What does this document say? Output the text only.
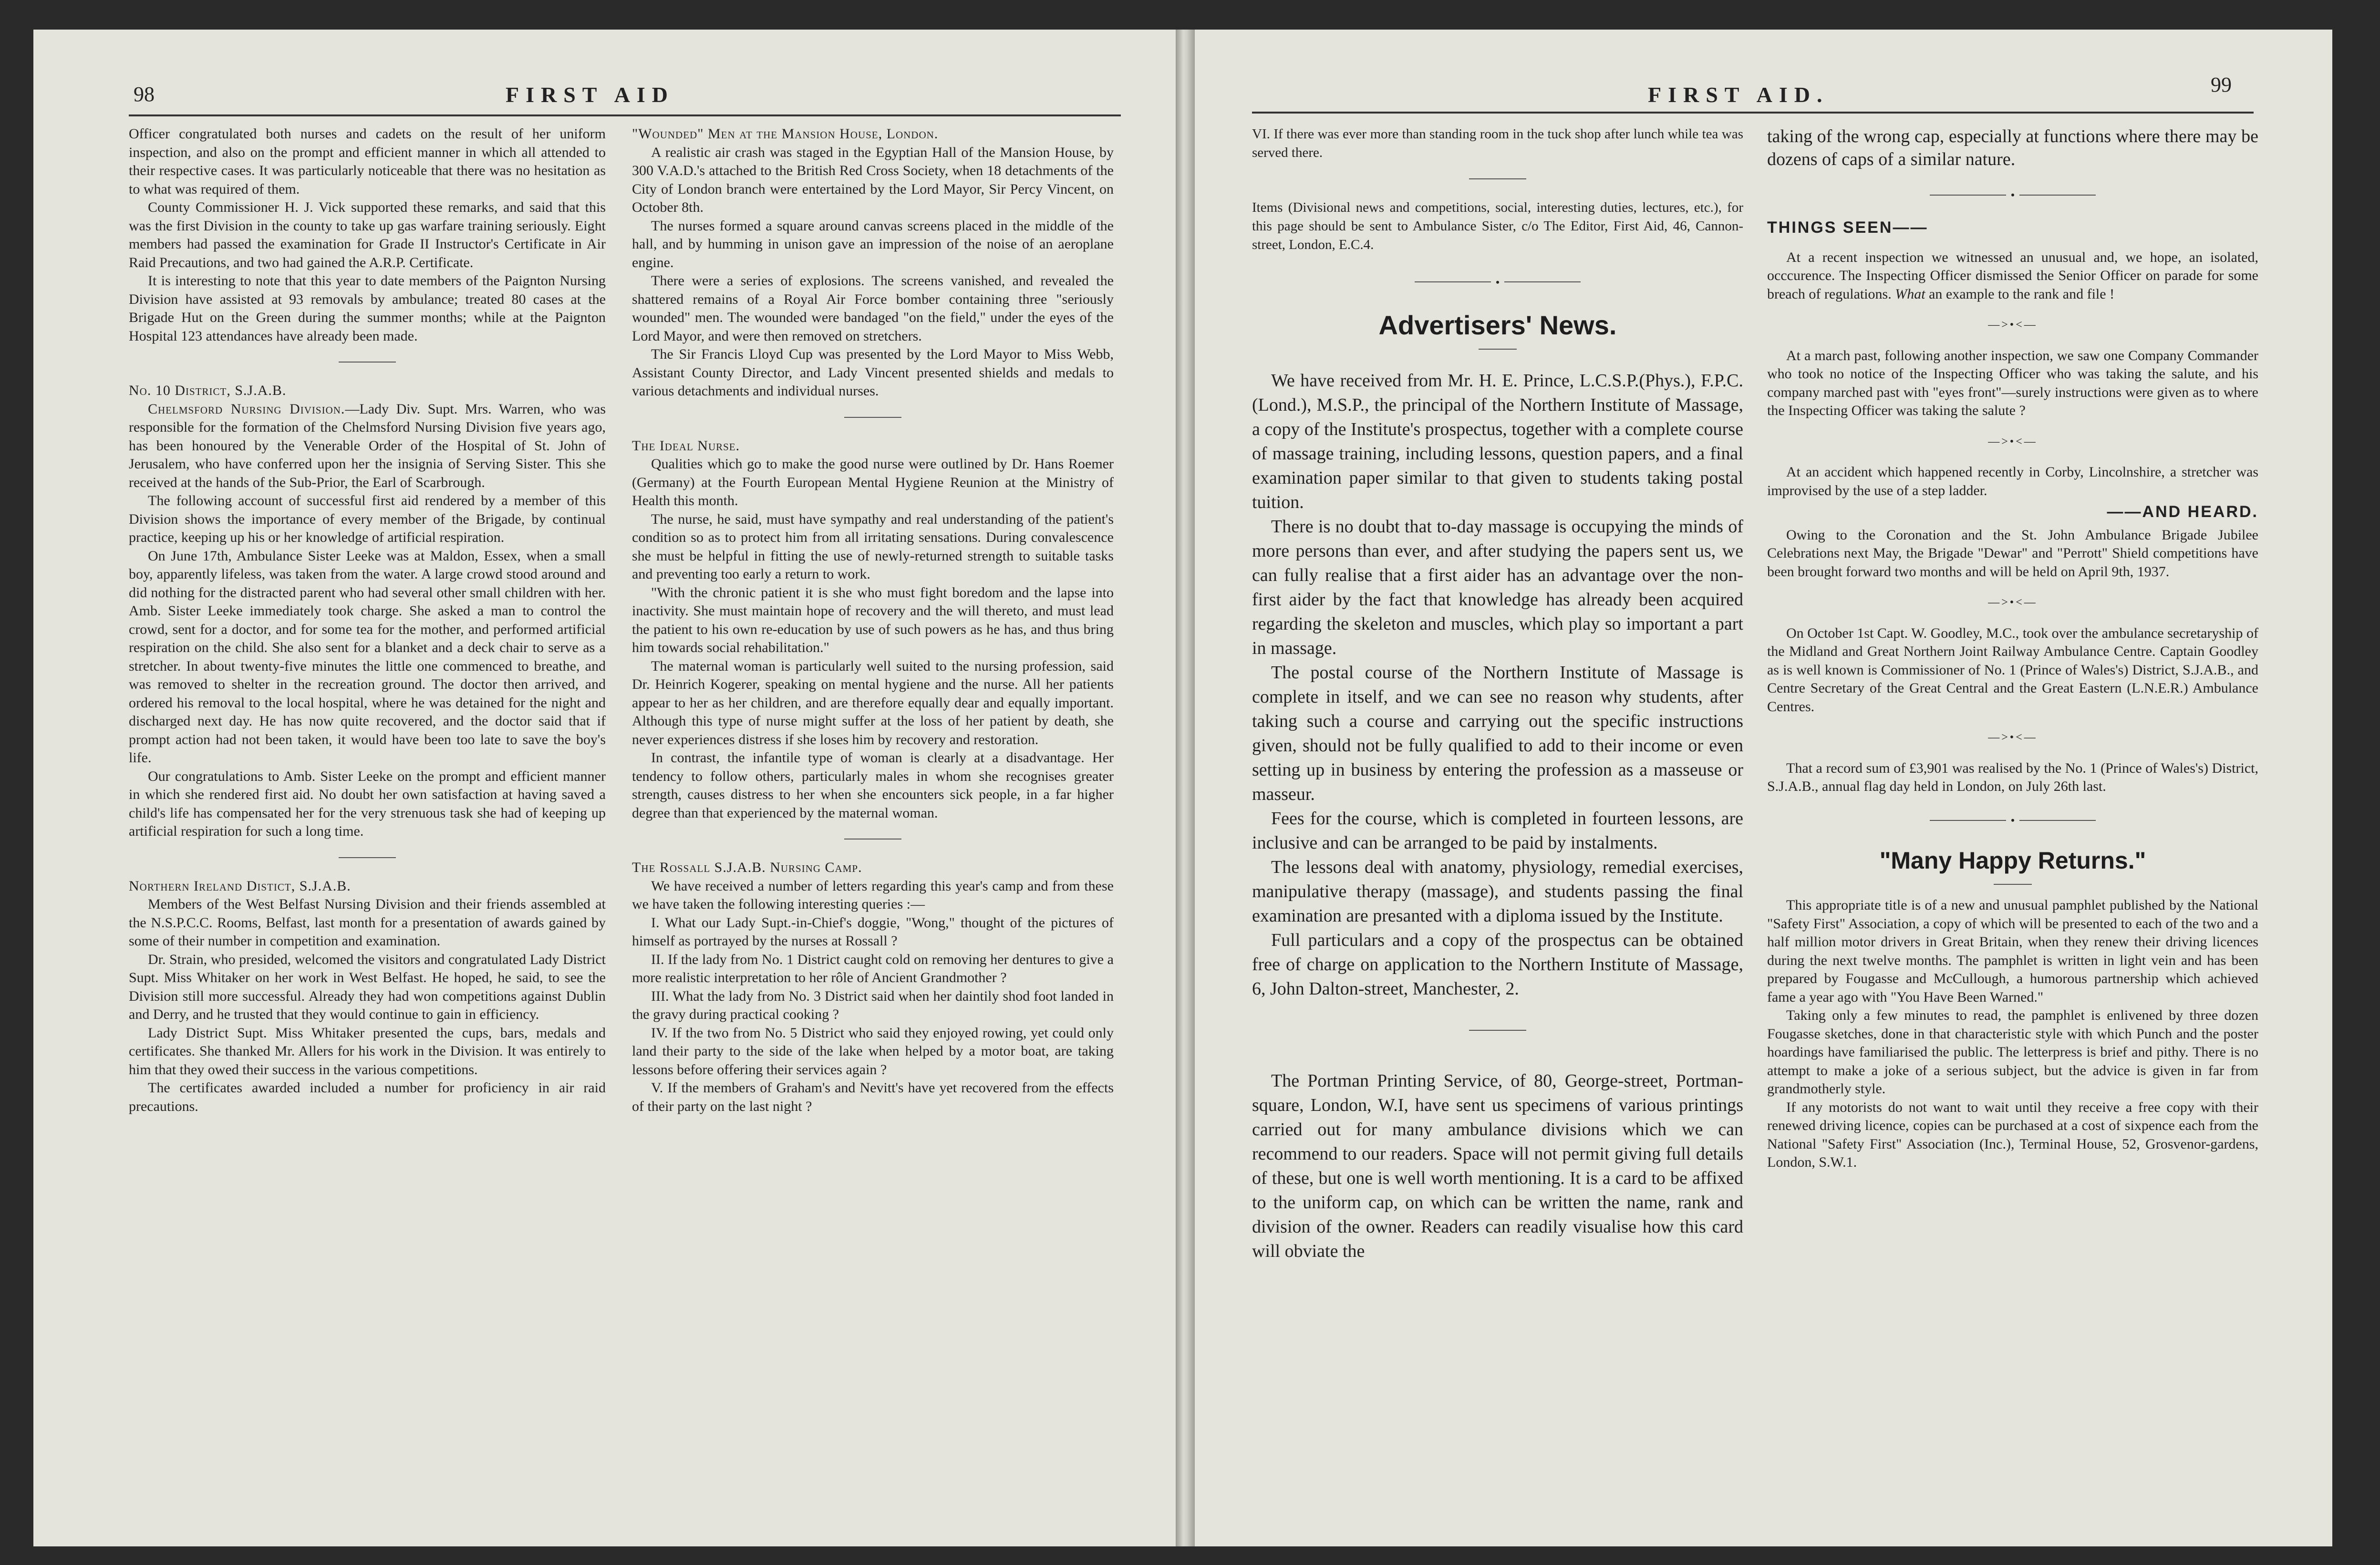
98	FIRST AID

Officer congratulated both nurses and cadets on the result of her uniform inspection, and also on the prompt and efficient manner in which all attended to their respective cases. It was particularly noticeable that there was no hesitation as to what was required of them.

County Commissioner H. J. Vick supported these remarks, and said that this was the first Division in the county to take up gas warfare training seriously. Eight members had passed the examination for Grade II Instructor's Certificate in Air Raid Precautions, and two had gained the A.R.P. Certificate.

It is interesting to note that this year to date members of the Paignton Nursing Division have assisted at 93 removals by ambulance; treated 80 cases at the Brigade Hut on the Green during the summer months; while at the Paignton Hospital 123 attendances have already been made.

No. 10 District, S.J.A.B.

Chelmsford Nursing Division.—Lady Div. Supt. Mrs. Warren, who was responsible for the formation of the Chelmsford Nursing Division five years ago, has been honoured by the Venerable Order of the Hospital of St. John of Jerusalem, who have conferred upon her the insignia of Serving Sister. This she received at the hands of the Sub-Prior, the Earl of Scarbrough.

The following account of successful first aid rendered by a member of this Division shows the importance of every member of the Brigade, by continual practice, keeping up his or her knowledge of artificial respiration.

On June 17th, Ambulance Sister Leeke was at Maldon, Essex, when a small boy, apparently lifeless, was taken from the water. A large crowd stood around and did nothing for the distracted parent who had several other small children with her. Amb. Sister Leeke immediately took charge. She asked a man to control the crowd, sent for a doctor, and for some tea for the mother, and performed artificial respiration on the child. She also sent for a blanket and a deck chair to serve as a stretcher. In about twenty-five minutes the little one commenced to breathe, and was removed to shelter in the recreation ground. The doctor then arrived, and ordered his removal to the local hospital, where he was detained for the night and discharged next day. He has now quite recovered, and the doctor said that if prompt action had not been taken, it would have been too late to save the boy's life.

Our congratulations to Amb. Sister Leeke on the prompt and efficient manner in which she rendered first aid. No doubt her own satisfaction at having saved a child's life has compensated her for the very strenuous task she had of keeping up artificial respiration for such a long time.

Northern Ireland Distict, S.J.A.B.

Members of the West Belfast Nursing Division and their friends assembled at the N.S.P.C.C. Rooms, Belfast, last month for a presentation of awards gained by some of their number in competition and examination.

Dr. Strain, who presided, welcomed the visitors and congratulated Lady District Supt. Miss Whitaker on her work in West Belfast. He hoped, he said, to see the Division still more successful. Already they had won competitions against Dublin and Derry, and he trusted that they would continue to gain in efficiency.

Lady District Supt. Miss Whitaker presented the cups, bars, medals and certificates. She thanked Mr. Allers for his work in the Division. It was entirely to him that they owed their success in the various competitions.

The certificates awarded included a number for proficiency in air raid precautions.

"Wounded" Men at the Mansion House, London.

A realistic air crash was staged in the Egyptian Hall of the Mansion House, by 300 V.A.D.'s attached to the British Red Cross Society, when 18 detachments of the City of London branch were entertained by the Lord Mayor, Sir Percy Vincent, on October 8th.

The nurses formed a square around canvas screens placed in the middle of the hall, and by humming in unison gave an impression of the noise of an aeroplane engine.

There were a series of explosions. The screens vanished, and revealed the shattered remains of a Royal Air Force bomber containing three "seriously wounded" men. The wounded were bandaged "on the field," under the eyes of the Lord Mayor, and were then removed on stretchers.

The Sir Francis Lloyd Cup was presented by the Lord Mayor to Miss Webb, Assistant County Director, and Lady Vincent presented shields and medals to various detachments and individual nurses.

The Ideal Nurse.

Qualities which go to make the good nurse were outlined by Dr. Hans Roemer (Germany) at the Fourth European Mental Hygiene Reunion at the Ministry of Health this month.

The nurse, he said, must have sympathy and real understanding of the patient's condition so as to protect him from all irritating sensations. During convalescence she must be helpful in fitting the use of newly-returned strength to suitable tasks and preventing too early a return to work.

"With the chronic patient it is she who must fight boredom and the lapse into inactivity. She must maintain hope of recovery and the will thereto, and must lead the patient to his own re-education by use of such powers as he has, and thus bring him towards social rehabilitation."

The maternal woman is particularly well suited to the nursing profession, said Dr. Heinrich Kogerer, speaking on mental hygiene and the nurse. All her patients appear to her as her children, and are therefore equally dear and equally important. Although this type of nurse might suffer at the loss of her patient by death, she never experiences distress if she loses him by recovery and restoration.

In contrast, the infantile type of woman is clearly at a disadvantage. Her tendency to follow others, particularly males in whom she recognises greater strength, causes distress to her when she encounters sick people, in a far higher degree than that experienced by the maternal woman.

The Rossall S.J.A.B. Nursing Camp.

We have received a number of letters regarding this year's camp and from these we have taken the following interesting queries :—

I. What our Lady Supt.-in-Chief's doggie, "Wong," thought of the pictures of himself as portrayed by the nurses at Rossall ?

II. If the lady from No. 1 District caught cold on removing her dentures to give a more realistic interpretation to her rôle of Ancient Grandmother ?

III. What the lady from No. 3 District said when her daintily shod foot landed in the gravy during practical cooking ?

IV. If the two from No. 5 District who said they enjoyed rowing, yet could only land their party to the side of the lake when helped by a motor boat, are taking lessons before offering their services again ?

V. If the members of Graham's and Nevitt's have yet recovered from the effects of their party on the last night ?

FIRST AID.	99

VI. If there was ever more than standing room in the tuck shop after lunch while tea was served there.

Items (Divisional news and competitions, social, interesting duties, lectures, etc.), for this page should be sent to Ambulance Sister, c/o The Editor, First Aid, 46, Cannon-street, London, E.C.4.

•
Advertisers' News.

We have received from Mr. H. E. Prince, L.C.S.P.(Phys.), F.P.C.(Lond.), M.S.P., the principal of the Northern Institute of Massage, a copy of the Institute's prospectus, together with a complete course of massage training, including lessons, question papers, and a final examination paper similar to that given to students taking postal tuition.

There is no doubt that to-day massage is occupying the minds of more persons than ever, and after studying the papers sent us, we can fully realise that a first aider has an advantage over the non-first aider by the fact that knowledge has already been acquired regarding the skeleton and muscles, which play so important a part in massage.

The postal course of the Northern Institute of Massage is complete in itself, and we can see no reason why students, after taking such a course and carrying out the specific instructions given, should not be fully qualified to add to their income or even setting up in business by entering the profession as a masseuse or masseur.

Fees for the course, which is completed in fourteen lessons, are inclusive and can be arranged to be paid by instalments.

The lessons deal with anatomy, physiology, remedial exercises, manipulative therapy (massage), and students passing the final examination are presanted with a diploma issued by the Institute.

Full particulars and a copy of the prospectus can be obtained free of charge on application to the Northern Institute of Massage, 6, John Dalton-street, Manchester, 2.

The Portman Printing Service, of 80, George-street, Portman-square, London, W.I, have sent us specimens of various printings carried out for many ambulance divisions which we can recommend to our readers. Space will not permit giving full details of these, but one is well worth mentioning. It is a card to be affixed to the uniform cap, on which can be written the name, rank and division of the owner. Readers can readily visualise how this card will obviate the

taking of the wrong cap, especially at functions where there may be dozens of caps of a similar nature.

•
THINGS SEEN——

At a recent inspection we witnessed an unusual and, we hope, an isolated, occcurence. The Inspecting Officer dismissed the Senior Officer on parade for some breach of regulations. What an example to the rank and file !

—>•<—

At a march past, following another inspection, we saw one Company Commander who took no notice of the Inspecting Officer who was taking the salute, and his company marched past with "eyes front"—surely instructions were given as to where the Inspecting Officer was taking the salute ?

—>•<—

At an accident which happened recently in Corby, Lincolnshire, a stretcher was improvised by the use of a step ladder.

——AND HEARD.

Owing to the Coronation and the St. John Ambulance Brigade Jubilee Celebrations next May, the Brigade "Dewar" and "Perrott" Shield competitions have been brought forward two months and will be held on April 9th, 1937.

—>•<—

On October 1st Capt. W. Goodley, M.C., took over the ambulance secretaryship of the Midland and Great Northern Joint Railway Ambulance Centre. Captain Goodley as is well known is Commissioner of No. 1 (Prince of Wales's) District, S.J.A.B., and Centre Secretary of the Great Central and the Great Eastern (L.N.E.R.) Ambulance Centres.

—>•<—

That a record sum of £3,901 was realised by the No. 1 (Prince of Wales's) District, S.J.A.B., annual flag day held in London, on July 26th last.

•
"Many Happy Returns."

This appropriate title is of a new and unusual pamphlet published by the National "Safety First" Association, a copy of which will be presented to each of the two and a half million motor drivers in Great Britain, when they renew their driving licences during the next twelve months. The pamphlet is written in light vein and has been prepared by Fougasse and McCullough, a humorous partnership which achieved fame a year ago with "You Have Been Warned."

Taking only a few minutes to read, the pamphlet is enlivened by three dozen Fougasse sketches, done in that characteristic style with which Punch and the poster hoardings have familiarised the public. The letterpress is brief and pithy. There is no attempt to make a joke of a serious subject, but the advice is given in far from grandmotherly style.

If any motorists do not want to wait until they receive a free copy with their renewed driving licence, copies can be purchased at a cost of sixpence each from the National "Safety First" Association (Inc.), Terminal House, 52, Grosvenor-gardens, London, S.W.1.
